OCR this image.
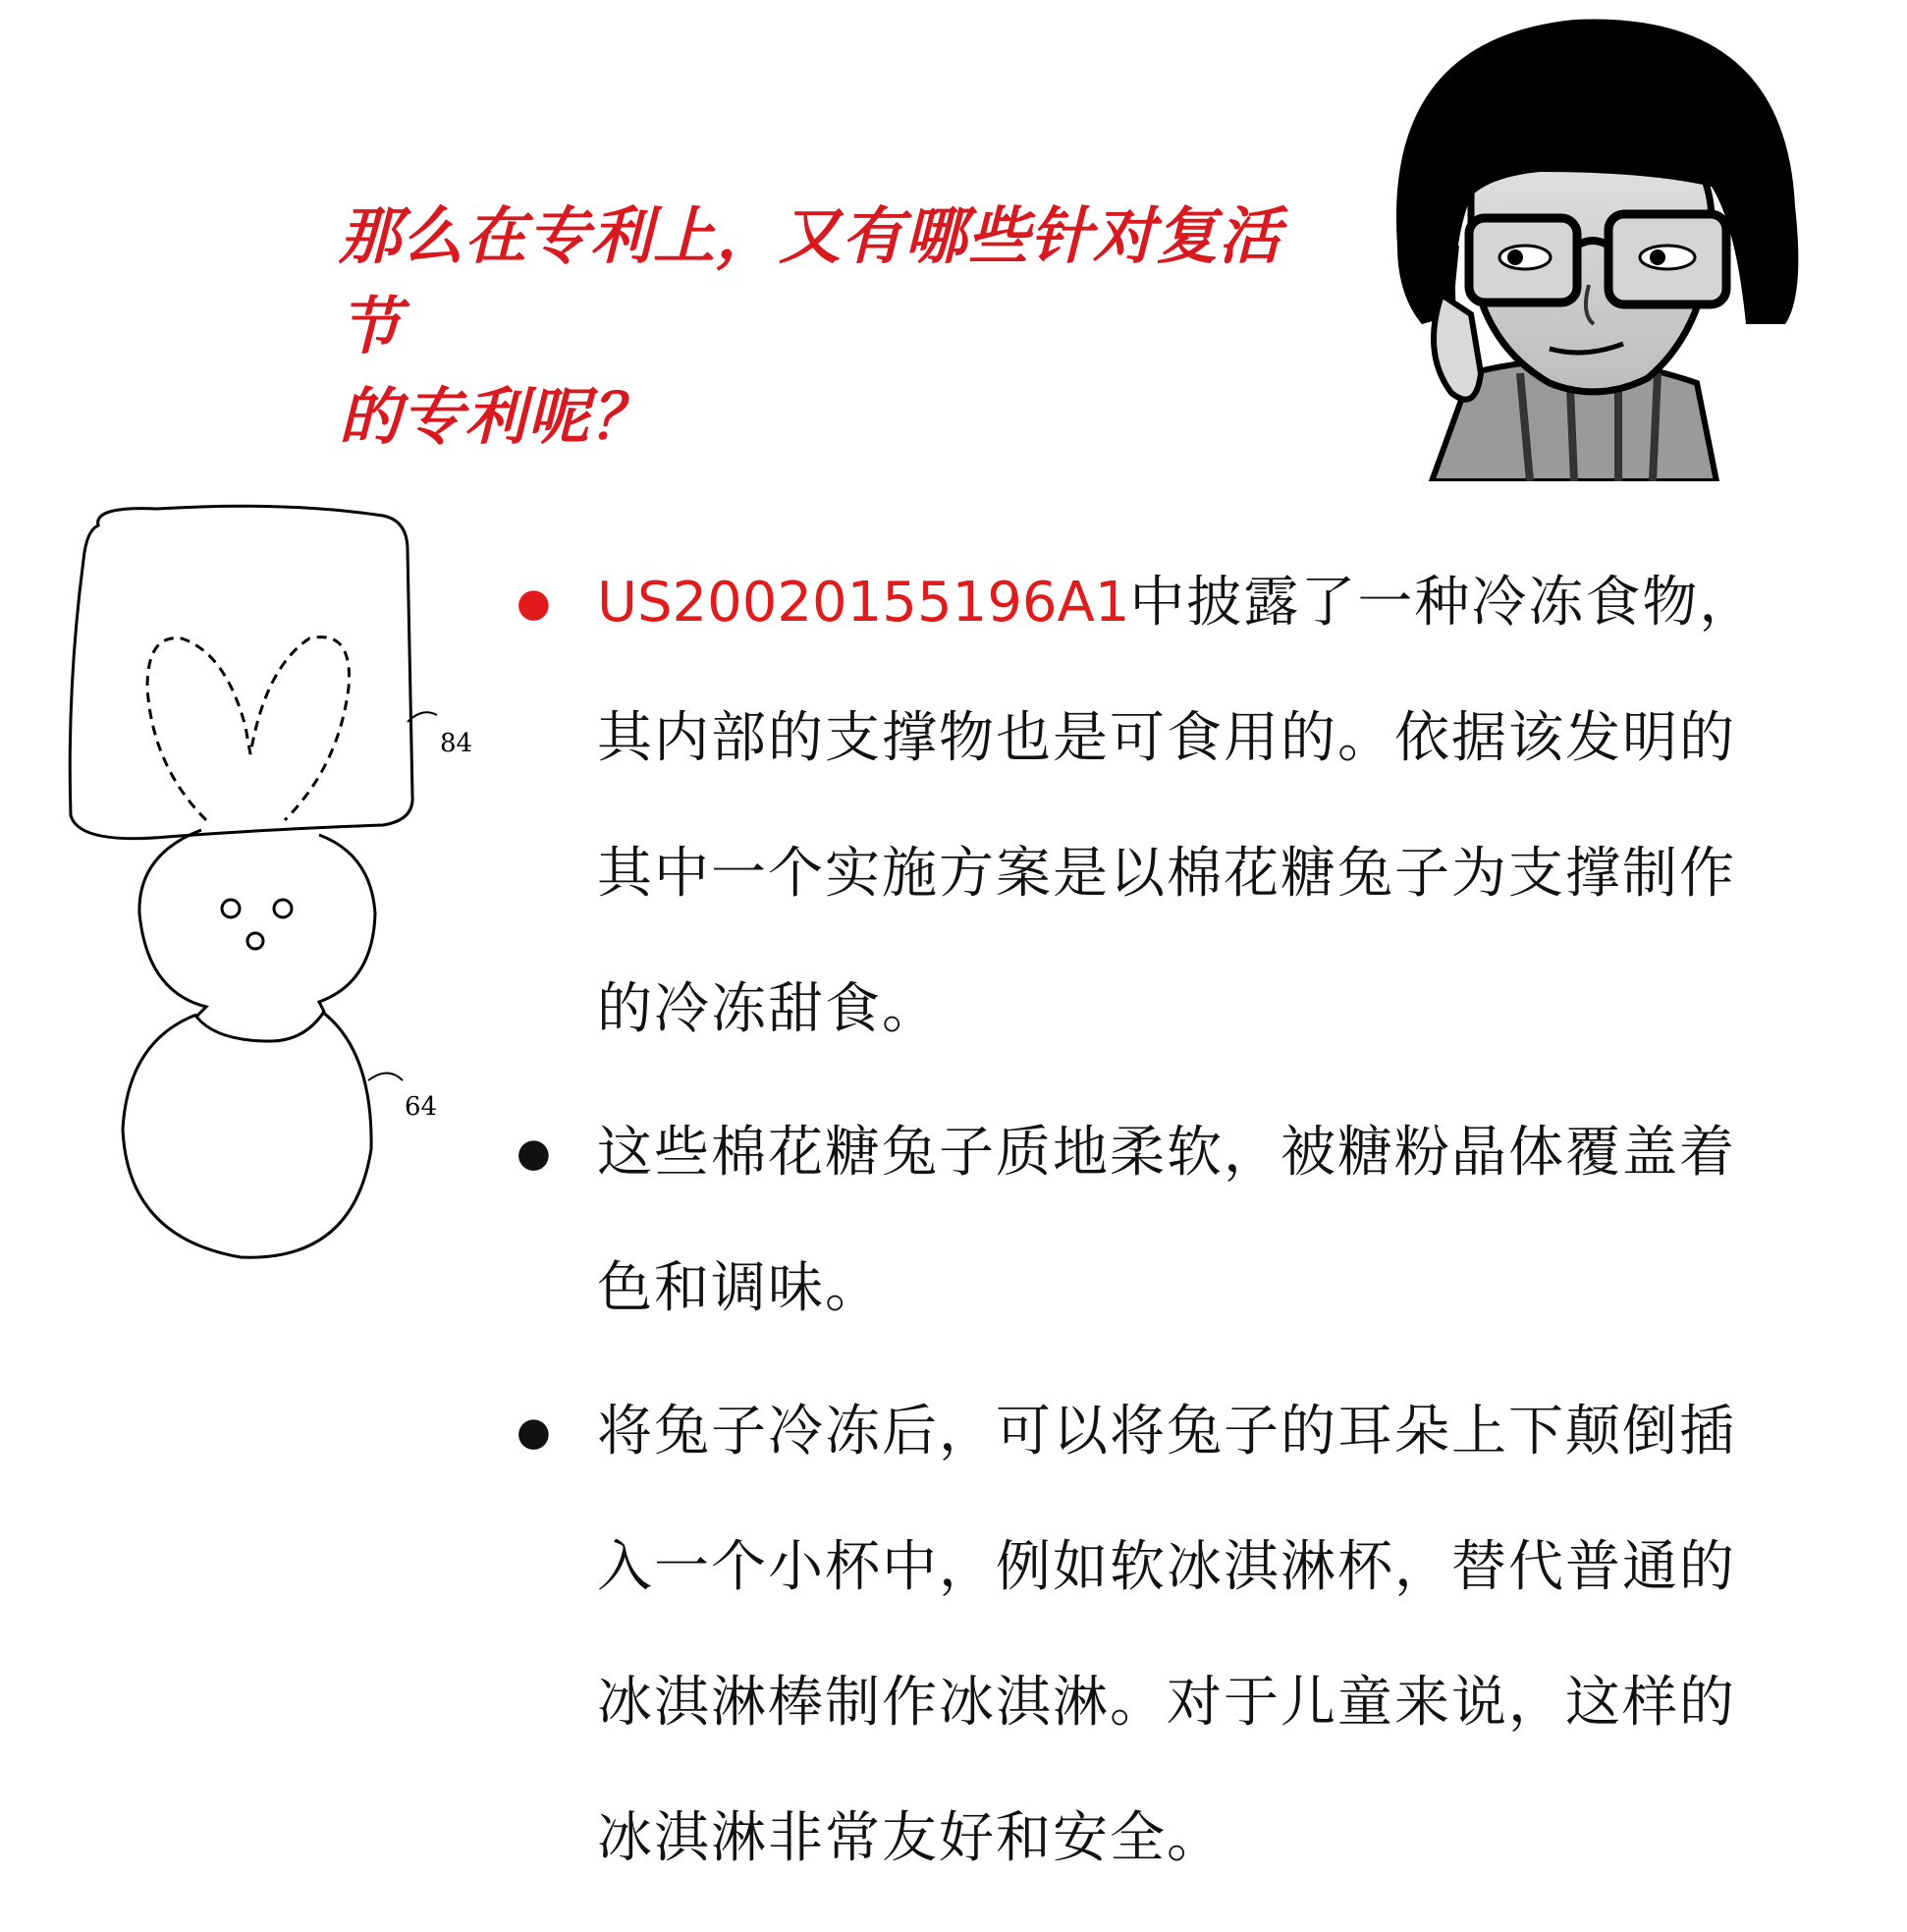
那么在专利上，又有哪些针对复活节
的专利呢？
84
64
● US20020155196A1中披露了一种冷冻食物，其内部的支撑物也是可食用的。依据该发明的其中一个实施方案是以棉花糖兔子为支撑制作的冷冻甜食。
● 这些棉花糖兔子质地柔软，被糖粉晶体覆盖着色和调味。
● 将兔子冷冻后，可以将兔子的耳朵上下颠倒插入一个小杯中，例如软冰淇淋杯，替代普通的冰淇淋棒制作冰淇淋。对于儿童来说，这样的冰淇淋非常友好和安全。
